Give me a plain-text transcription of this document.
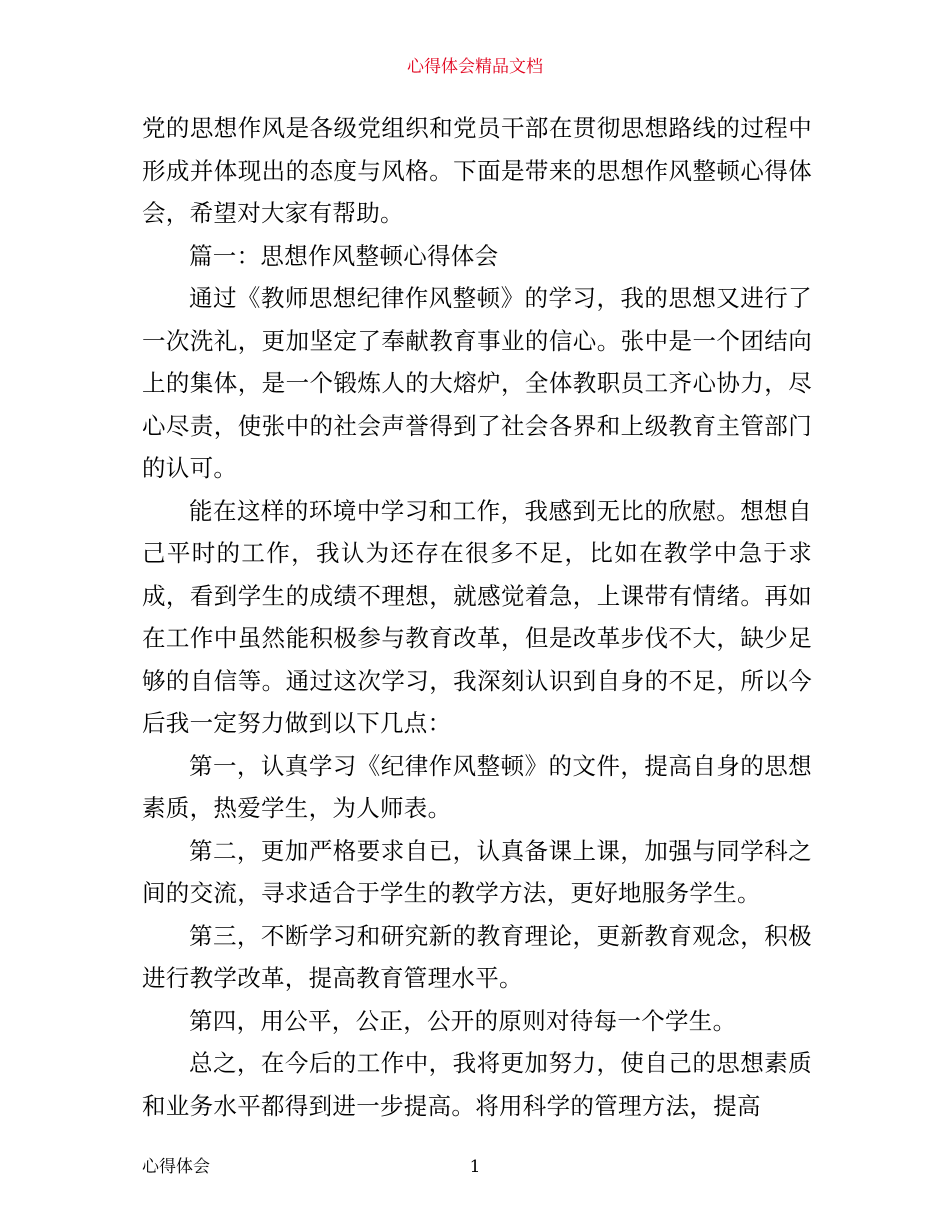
心得体会精品文档

党的思想作风是各级党组织和党员干部在贯彻思想路线的过程中形成并体现出的态度与风格。下面是带来的思想作风整顿心得体会，希望对大家有帮助。

篇一：思想作风整顿心得体会

通过《教师思想纪律作风整顿》的学习，我的思想又进行了一次洗礼，更加坚定了奉献教育事业的信心。张中是一个团结向上的集体，是一个锻炼人的大熔炉，全体教职员工齐心协力，尽心尽责，使张中的社会声誉得到了社会各界和上级教育主管部门的认可。

能在这样的环境中学习和工作，我感到无比的欣慰。想想自己平时的工作，我认为还存在很多不足，比如在教学中急于求成，看到学生的成绩不理想，就感觉着急，上课带有情绪。再如在工作中虽然能积极参与教育改革，但是改革步伐不大，缺少足够的自信等。通过这次学习，我深刻认识到自身的不足，所以今后我一定努力做到以下几点：

第一，认真学习《纪律作风整顿》的文件，提高自身的思想素质，热爱学生，为人师表。

第二，更加严格要求自已，认真备课上课，加强与同学科之间的交流，寻求适合于学生的教学方法，更好地服务学生。

第三，不断学习和研究新的教育理论，更新教育观念，积极进行教学改革，提高教育管理水平。

第四，用公平，公正，公开的原则对待每一个学生。

总之，在今后的工作中，我将更加努力，使自己的思想素质和业务水平都得到进一步提高。将用科学的管理方法，提高

心得体会	1
